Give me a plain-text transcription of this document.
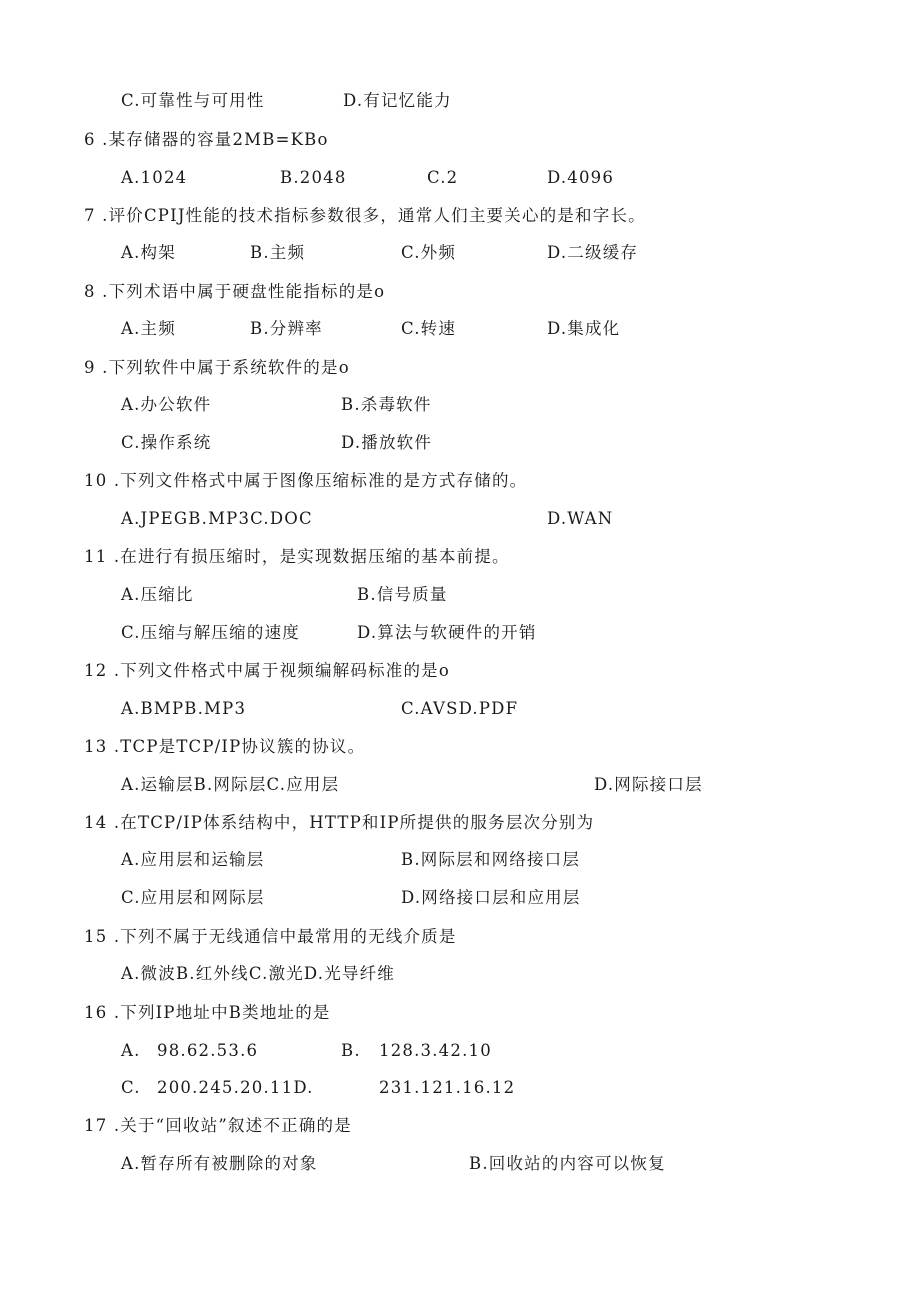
C.可靠性与可用性	D.有记忆能力
6 .某存储器的容量2MB=KBo
A.1024	B.2048	C.2	D.4096
7 .评价CPIJ性能的技术指标参数很多，通常人们主要关心的是和字长。
A.构架	B.主频	C.外频	D.二级缓存
8 .下列术语中属于硬盘性能指标的是o
A.主频	B.分辨率	C.转速	D.集成化
9 .下列软件中属于系统软件的是o
A.办公软件	B.杀毒软件
C.操作系统	D.播放软件
10 .下列文件格式中属于图像压缩标准的是方式存储的。
A.JPEGB.MP3C.DOC	D.WAN
11 .在进行有损压缩时，是实现数据压缩的基本前提。
A.压缩比	B.信号质量
C.压缩与解压缩的速度	D.算法与软硬件的开销
12 .下列文件格式中属于视频编解码标准的是o
A.BMPB.MP3	C.AVSD.PDF
13 .TCP是TCP/IP协议簇的协议。
A.运输层B.网际层C.应用层	D.网际接口层
14 .在TCP/IP体系结构中，HTTP和IP所提供的服务层次分别为
A.应用层和运输层	B.网际层和网络接口层
C.应用层和网际层	D.网络接口层和应用层
15 .下列不属于无线通信中最常用的无线介质是
A.微波B.红外线C.激光D.光导纤维
16 .下列IP地址中B类地址的是
A. 98.62.53.6	B. 128.3.42.10
C. 200.245.20.11D.	231.121.16.12
17 .关于“回收站”叙述不正确的是
A.暂存所有被删除的对象	B.回收站的内容可以恢复
